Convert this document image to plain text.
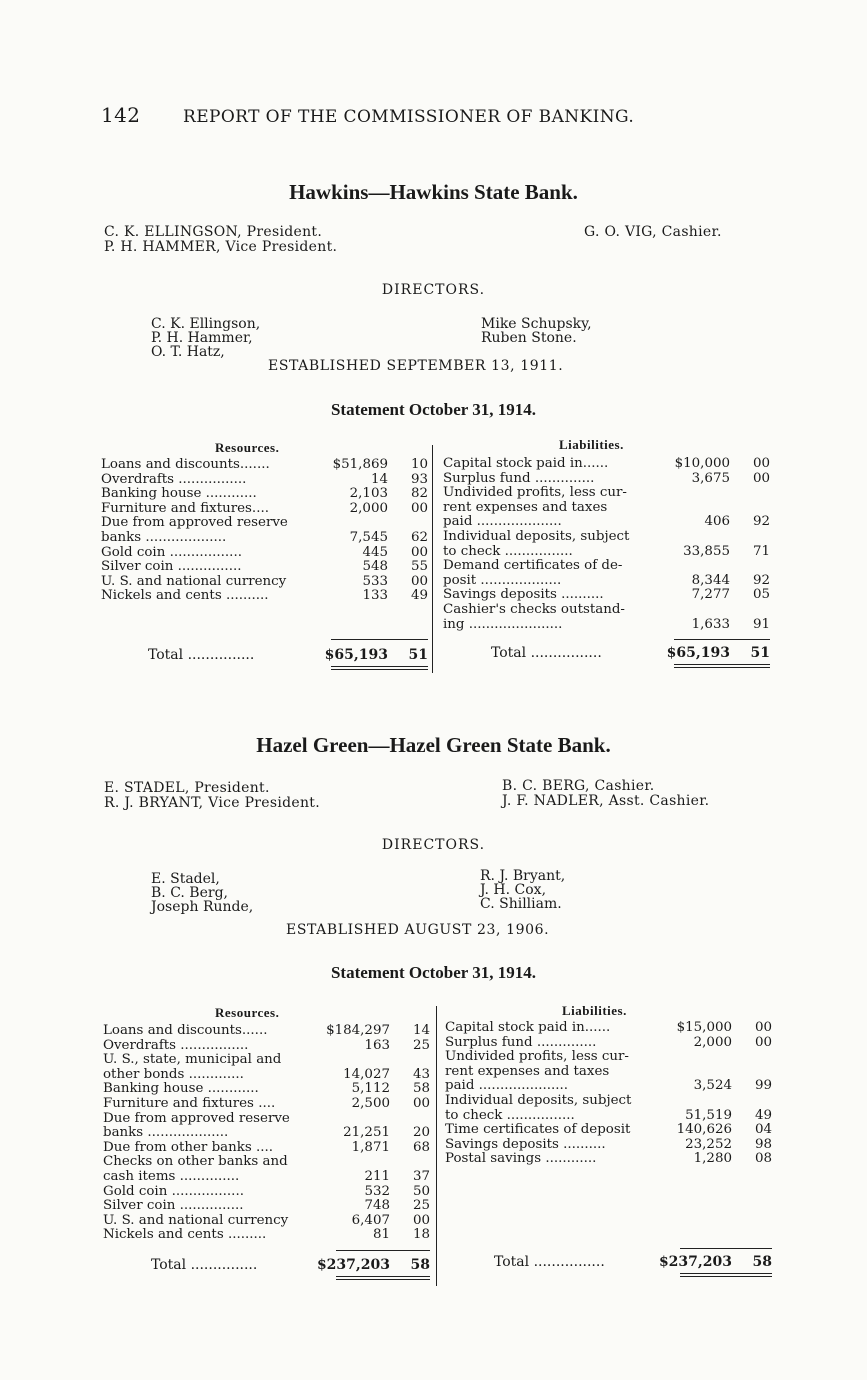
142	REPORT OF THE COMMISSIONER OF BANKING.
Hawkins—Hawkins State Bank.
C. K. ELLINGSON, President.
P. H. HAMMER, Vice President.
G. O. VIG, Cashier.
DIRECTORS.
C. K. Ellingson,
P. H. Hammer,
O. T. Hatz,
Mike Schupsky,
Ruben Stone.
ESTABLISHED SEPTEMBER 13, 1911.
Statement October 31, 1914.
Resources.	Liabilities.
Loans and discounts.......	$51,869	10
Overdrafts ................	14	93
Banking house ............	2,103	82
Furniture and fixtures....	2,000	00
Due from approved reserve
banks ...................	7,545	62
Gold coin .................	445	00
Silver coin ...............	548	55
U. S. and national currency	533	00
Nickels and cents ..........	133	49
Capital stock paid in......	$10,000	00
Surplus fund ..............	3,675	00
Undivided profits, less cur-
rent expenses and taxes
paid ....................	406	92
Individual deposits, subject
to check ................	33,855	71
Demand certificates of de-
posit ...................	8,344	92
Savings deposits ..........	7,277	05
Cashier's checks outstand-
ing ......................	1,633	91
Total ...............	$65,193	51	Total ................	$65,193	51
Hazel Green—Hazel Green State Bank.
E. STADEL, President.
R. J. BRYANT, Vice President.
B. C. BERG, Cashier.
J. F. NADLER, Asst. Cashier.
DIRECTORS.
E. Stadel,
B. C. Berg,
Joseph Runde,
R. J. Bryant,
J. H. Cox,
C. Shilliam.
ESTABLISHED AUGUST 23, 1906.
Statement October 31, 1914.
Resources.	Liabilities.
Loans and discounts......	$184,297	14
Overdrafts ................	163	25
U. S., state, municipal and
other bonds .............	14,027	43
Banking house ............	5,112	58
Furniture and fixtures ....	2,500	00
Due from approved reserve
banks ...................	21,251	20
Due from other banks ....	1,871	68
Checks on other banks and
cash items ..............	211	37
Gold coin .................	532	50
Silver coin ...............	748	25
U. S. and national currency	6,407	00
Nickels and cents .........	81	18
Capital stock paid in......	$15,000	00
Surplus fund ..............	2,000	00
Undivided profits, less cur-
rent expenses and taxes
paid .....................	3,524	99
Individual deposits, subject
to check ................	51,519	49
Time certificates of deposit	140,626	04
Savings deposits ..........	23,252	98
Postal savings ............	1,280	08
Total ...............	$237,203	58	Total ................	$237,203	58
